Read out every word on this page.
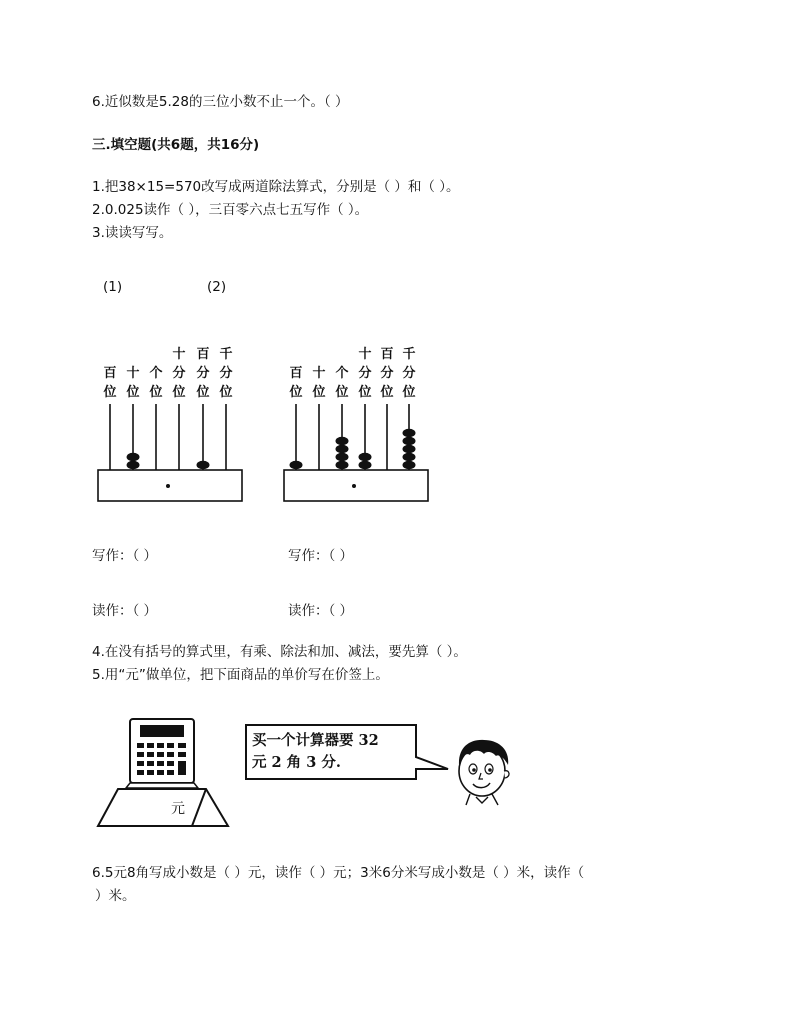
6.近似数是5.28的三位小数不止一个。（ ）
三.填空题(共6题，共16分)
1.把38×15=570改写成两道除法算式，分别是（ ）和（ ）。
2.0.025读作（ ），三百零六点七五写作（ ）。
3.读读写写。
(1)	(2)
百
位
十
位
个
位
十
分
位
百
分
位
千
分
位
百
位
十
位
个
位
十
分
位
百
分
位
千
分
位
写作：（ ）	写作：（ ）
读作：（ ）	读作：（ ）
4.在没有括号的算式里，有乘、除法和加、减法，要先算（ ）。
5.用“元”做单位，把下面商品的单价写在价签上。
元
买一个计算器要 32
元 2 角 3 分.
6.5元8角写成小数是（ ）元，读作（ ）元；3米6分米写成小数是（ ）米，读作（
）米。
